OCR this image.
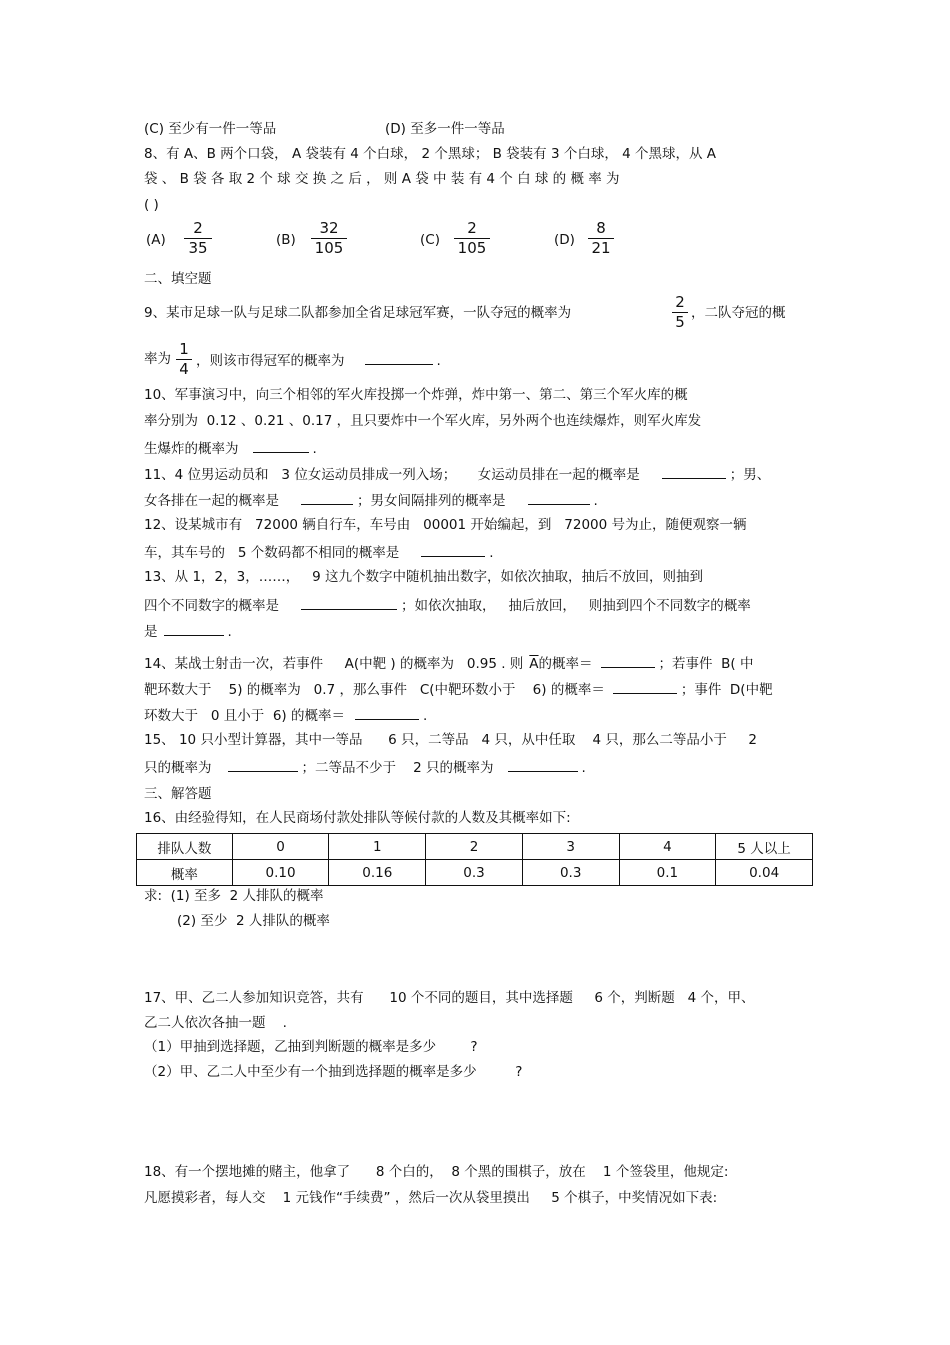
(C) 至少有一件一等品	(D) 至多一件一等品
8、有 A、B 两个口袋， A 袋装有 4 个白球， 2 个黑球； B 袋装有 3 个白球， 4 个黑球，从 A
袋 、 B 袋 各 取 2 个 球 交 换 之 后 ， 则 A 袋 中 装 有 4 个 白 球 的 概 率 为
( )
$(A) \frac{2}{35}$	$(B) \frac{32}{105}$	$(C) \frac{2}{105}$	$(D) \frac{8}{21}$
二、填空题
9、某市足球一队与足球二队都参加全省足球冠军赛，一队夺冠的概率为	$\frac{2}{5}$ ，二队夺冠的概
率为 $\frac{1}{4}$ ，则该市得冠军的概率为	.
10、军事演习中，向三个相邻的军火库投掷一个炸弹，炸中第一、第二、第三个军火库的概
率分别为  0.12 、0.21 、0.17 ，且只要炸中一个军火库，另外两个也连续爆炸，则军火库发
生爆炸的概率为	.
11、4 位男运动员和   3 位女运动员排成一列入场；     女运动员排在一起的概率是	；男、
女各排在一起的概率是	；男女间隔排列的概率是	.
12、设某城市有   72000 辆自行车，车号由   00001 开始编起，到   72000 号为止，随便观察一辆
车，其车号的   5 个数码都不相同的概率是	.
13、从 1，2，3，……，   9 这九个数字中随机抽出数字，如依次抽取，抽后不放回，则抽到
四个不同数字的概率是	；如依次抽取，   抽后放回，   则抽到四个不同数字的概率
是	.
14、某战士射击一次，若事件     A(中靶 ) 的概率为   0.95 . 则 $\overline{A}$的概率＝	；若事件  B( 中
靶环数大于    5) 的概率为   0.7 ，那么事件   C(中靶环数小于    6) 的概率＝	；事件  D(中靶
环数大于   0 且小于  6) 的概率＝	.
15、 10 只小型计算器，其中一等品      6 只，二等品   4 只，从中任取    4 只，那么二等品小于     2
只的概率为	；二等品不少于    2 只的概率为	.
三、解答题
16、由经验得知，在人民商场付款处排队等候付款的人数及其概率如下:
排队人数	0	1	2	3	4	5 人以上
概率	0.10	0.16	0.3	0.3	0.1	0.04
求:  (1) 至多  2 人排队的概率
(2) 至少  2 人排队的概率
17、甲、乙二人参加知识竞答，共有      10 个不同的题目，其中选择题     6 个，判断题   4 个，甲、
乙二人依次各抽一题    .
（1）甲抽到选择题，乙抽到判断题的概率是多少        ?
（2）甲、乙二人中至少有一个抽到选择题的概率是多少         ?
18、有一个摆地摊的赌主，他拿了      8 个白的，  8 个黑的围棋子，放在    1 个签袋里，他规定:
凡愿摸彩者，每人交    1 元钱作“手续费” ，然后一次从袋里摸出     5 个棋子，中奖情况如下表:
